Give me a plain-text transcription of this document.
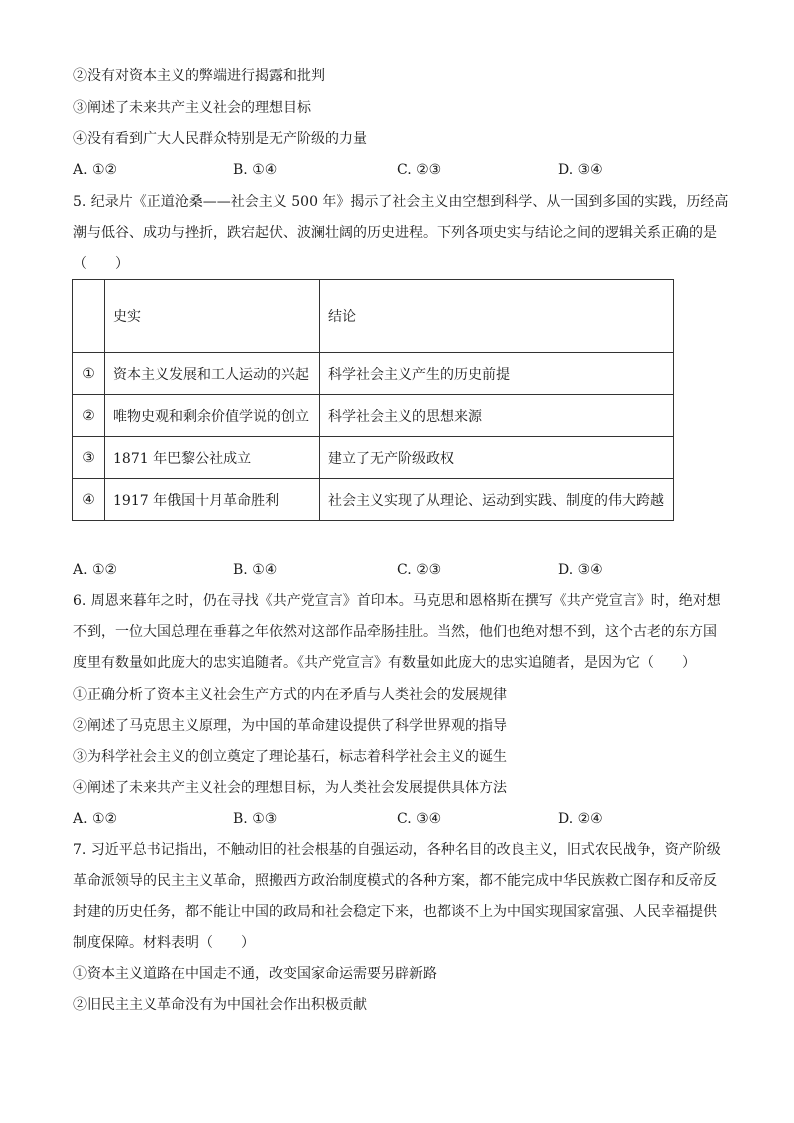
②没有对资本主义的弊端进行揭露和批判
③阐述了未来共产主义社会的理想目标
④没有看到广大人民群众特别是无产阶级的力量
A. ①②	B. ①④	C. ②③	D. ③④
5. 纪录片《正道沧桑——社会主义 500 年》揭示了社会主义由空想到科学、从一国到多国的实践，历经高
潮与低谷、成功与挫折，跌宕起伏、波澜壮阔的历史进程。下列各项史实与结论之间的逻辑关系正确的是
（　　）
	史实	结论
①	资本主义发展和工人运动的兴起	科学社会主义产生的历史前提
②	唯物史观和剩余价值学说的创立	科学社会主义的思想来源
③	1871 年巴黎公社成立	建立了无产阶级政权
④	1917 年俄国十月革命胜利	社会主义实现了从理论、运动到实践、制度的伟大跨越
A. ①②	B. ①④	C. ②③	D. ③④
6. 周恩来暮年之时，仍在寻找《共产党宣言》首印本。马克思和恩格斯在撰写《共产党宣言》时，绝对想
不到，一位大国总理在垂暮之年依然对这部作品牵肠挂肚。当然，他们也绝对想不到，这个古老的东方国
度里有数量如此庞大的忠实追随者。《共产党宣言》有数量如此庞大的忠实追随者，是因为它（　　）
①正确分析了资本主义社会生产方式的内在矛盾与人类社会的发展规律
②阐述了马克思主义原理，为中国的革命建设提供了科学世界观的指导
③为科学社会主义的创立奠定了理论基石，标志着科学社会主义的诞生
④阐述了未来共产主义社会的理想目标，为人类社会发展提供具体方法
A. ①②	B. ①③	C. ③④	D. ②④
7. 习近平总书记指出，不触动旧的社会根基的自强运动，各种名目的改良主义，旧式农民战争，资产阶级
革命派领导的民主主义革命，照搬西方政治制度模式的各种方案，都不能完成中华民族救亡图存和反帝反
封建的历史任务，都不能让中国的政局和社会稳定下来，也都谈不上为中国实现国家富强、人民幸福提供
制度保障。材料表明（　　）
①资本主义道路在中国走不通，改变国家命运需要另辟新路
②旧民主主义革命没有为中国社会作出积极贡献
